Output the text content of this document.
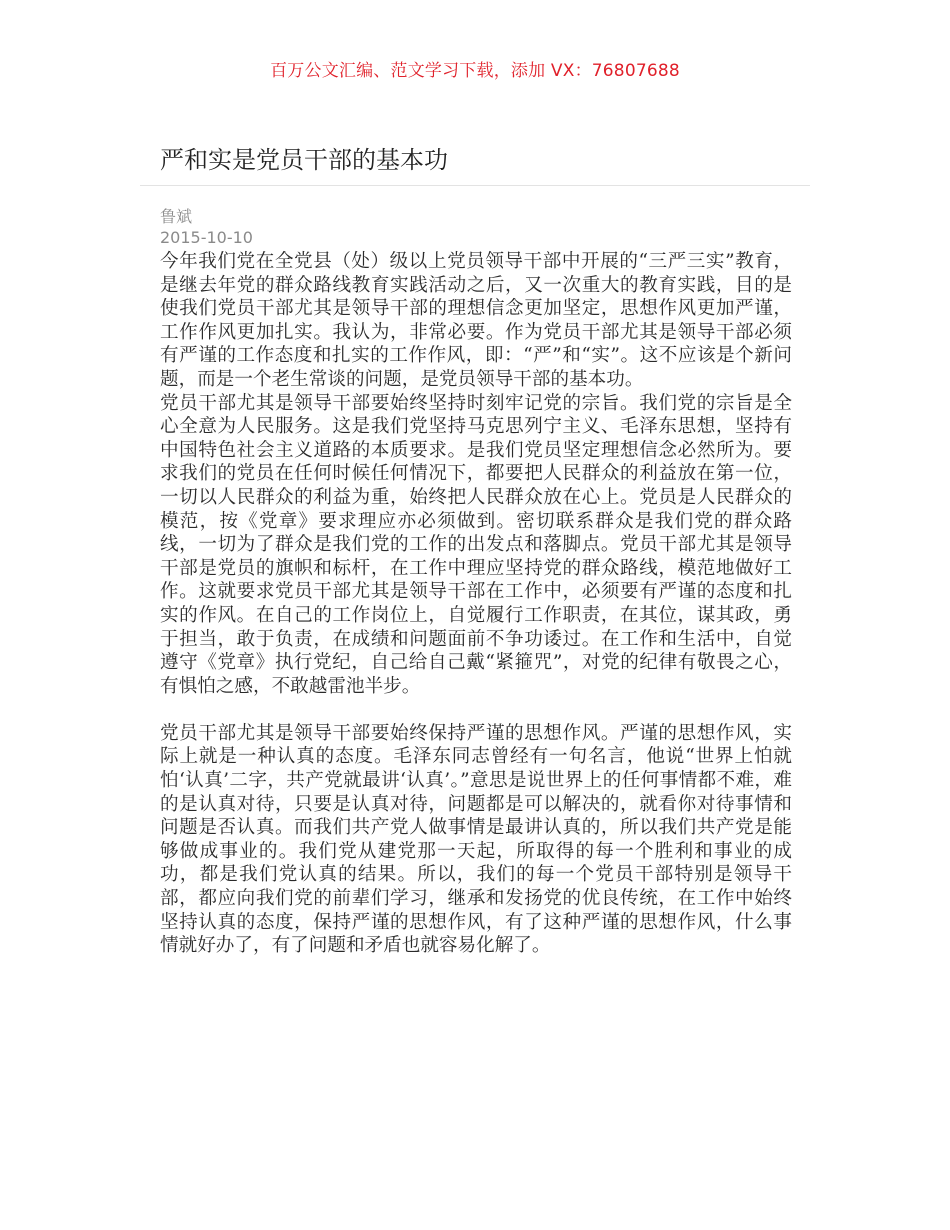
百万公文汇编、范文学习下载，添加 VX：76807688
严和实是党员干部的基本功
鲁斌
2015-10-10

今年我们党在全党县（处）级以上党员领导干部中开展的“三严三实”教育，是继去年党的群众路线教育实践活动之后，又一次重大的教育实践，目的是使我们党员干部尤其是领导干部的理想信念更加坚定，思想作风更加严谨，工作作风更加扎实。我认为，非常必要。作为党员干部尤其是领导干部必须有严谨的工作态度和扎实的工作作风，即：“严”和“实”。这不应该是个新问题，而是一个老生常谈的问题，是党员领导干部的基本功。

党员干部尤其是领导干部要始终坚持时刻牢记党的宗旨。我们党的宗旨是全心全意为人民服务。这是我们党坚持马克思列宁主义、毛泽东思想，坚持有中国特色社会主义道路的本质要求。是我们党员坚定理想信念必然所为。要求我们的党员在任何时候任何情况下，都要把人民群众的利益放在第一位，一切以人民群众的利益为重，始终把人民群众放在心上。党员是人民群众的模范，按《党章》要求理应亦必须做到。密切联系群众是我们党的群众路线，一切为了群众是我们党的工作的出发点和落脚点。党员干部尤其是领导干部是党员的旗帜和标杆，在工作中理应坚持党的群众路线，模范地做好工作。这就要求党员干部尤其是领导干部在工作中，必须要有严谨的态度和扎实的作风。在自己的工作岗位上，自觉履行工作职责，在其位，谋其政，勇于担当，敢于负责，在成绩和问题面前不争功诿过。在工作和生活中，自觉遵守《党章》执行党纪，自己给自己戴“紧箍咒”，对党的纪律有敬畏之心，有惧怕之感，不敢越雷池半步。

党员干部尤其是领导干部要始终保持严谨的思想作风。严谨的思想作风，实际上就是一种认真的态度。毛泽东同志曾经有一句名言，他说“世界上怕就怕‘认真’二字，共产党就最讲‘认真’。”意思是说世界上的任何事情都不难，难的是认真对待，只要是认真对待，问题都是可以解决的，就看你对待事情和问题是否认真。而我们共产党人做事情是最讲认真的，所以我们共产党是能够做成事业的。我们党从建党那一天起，所取得的每一个胜利和事业的成功，都是我们党认真的结果。所以，我们的每一个党员干部特别是领导干部，都应向我们党的前辈们学习，继承和发扬党的优良传统，在工作中始终坚持认真的态度，保持严谨的思想作风，有了这种严谨的思想作风，什么事情就好办了，有了问题和矛盾也就容易化解了。
